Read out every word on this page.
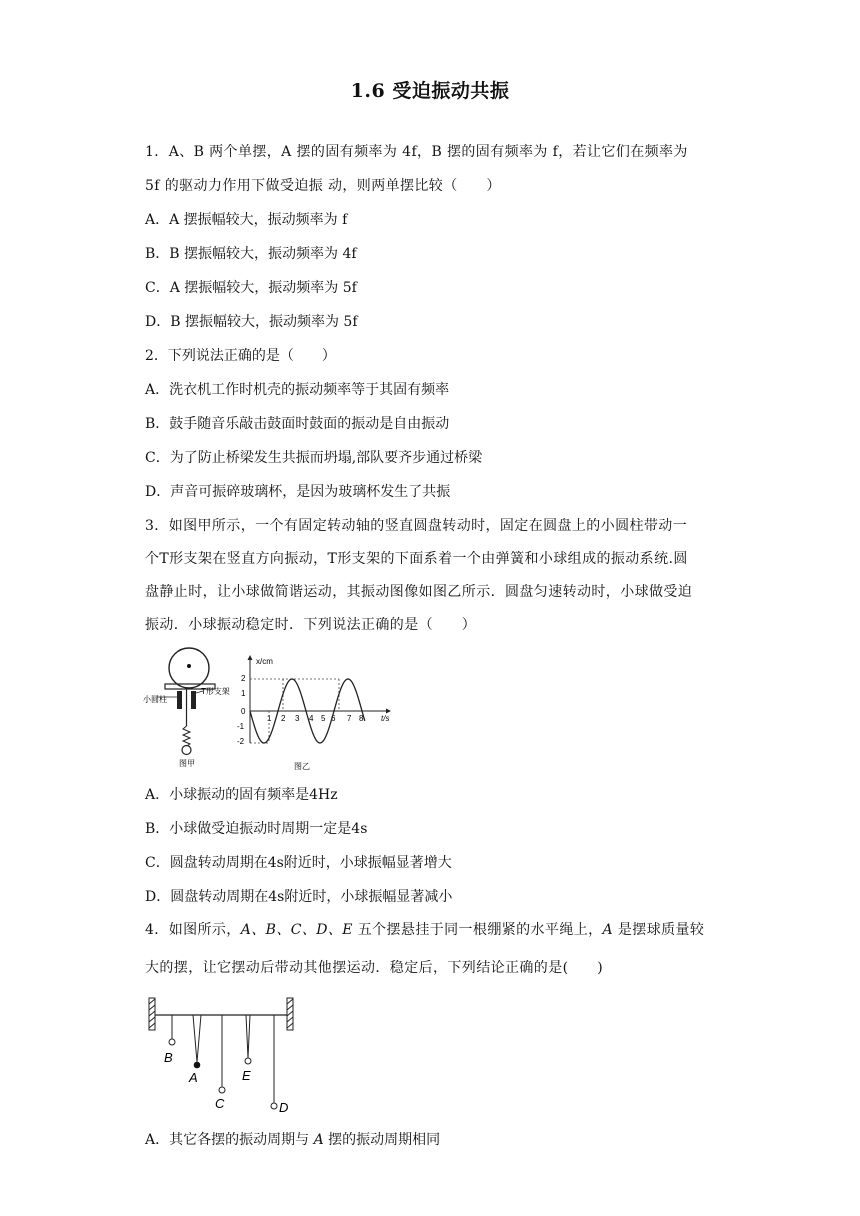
1.6 受迫振动共振
1．A、B 两个单摆，A 摆的固有频率为 4f，B 摆的固有频率为 f，若让它们在频率为
5f 的驱动力作用下做受迫振 动，则两单摆比较（　　）
A．A 摆振幅较大，振动频率为 f
B．B 摆振幅较大，振动频率为 4f
C．A 摆振幅较大，振动频率为 5f
D．B 摆振幅较大，振动频率为 5f
2．下列说法正确的是（　　）
A．洗衣机工作时机壳的振动频率等于其固有频率
B．鼓手随音乐敲击鼓面时鼓面的振动是自由振动
C．为了防止桥梁发生共振而坍塌,部队要齐步通过桥梁
D．声音可振碎玻璃杯，是因为玻璃杯发生了共振
3．如图甲所示，一个有固定转动轴的竖直圆盘转动时，固定在圆盘上的小圆柱带动一
个T形支架在竖直方向振动，T形支架的下面系着一个由弹簧和小球组成的振动系统.圆
盘静止时，让小球做简谐运动，其振动图像如图乙所示．圆盘匀速转动时，小球做受迫
振动．小球振动稳定时．下列说法正确的是（　　）
小圆柱
T形支架
图甲
x/cm
t/s
2
1
0
-1
-2
1 2 3 4 5 6 7 8
图乙
A．小球振动的固有频率是4Hz
B．小球做受迫振动时周期一定是4s
C．圆盘转动周期在4s附近时，小球振幅显著增大
D．圆盘转动周期在4s附近时，小球振幅显著减小
4．如图所示，A、B、C、D、E 五个摆悬挂于同一根绷紧的水平绳上，A 是摆球质量较
大的摆，让它摆动后带动其他摆运动．稳定后，下列结论正确的是(　　)
B
A
C
E
D
A．其它各摆的振动周期与 A 摆的振动周期相同
